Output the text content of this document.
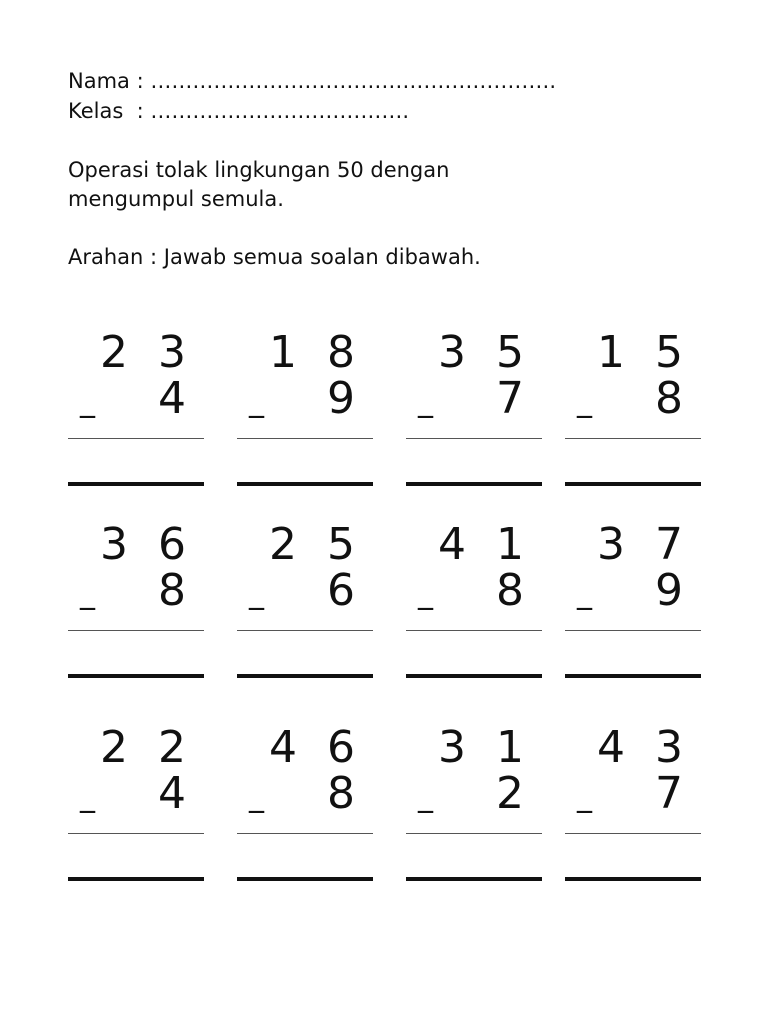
Nama : ………………………………………………….
Kelas  : ……………………………….
Operasi tolak lingkungan 50 dengan
mengumpul semula.
Arahan : Jawab semua soalan dibawah.
2 3
_ 4
1 8
_ 9
3 5
_ 7
1 5
_ 8
3 6
_ 8
2 5
_ 6
4 1
_ 8
3 7
_ 9
2 2
_ 4
4 6
_ 8
3 1
_ 2
4 3
_ 7
